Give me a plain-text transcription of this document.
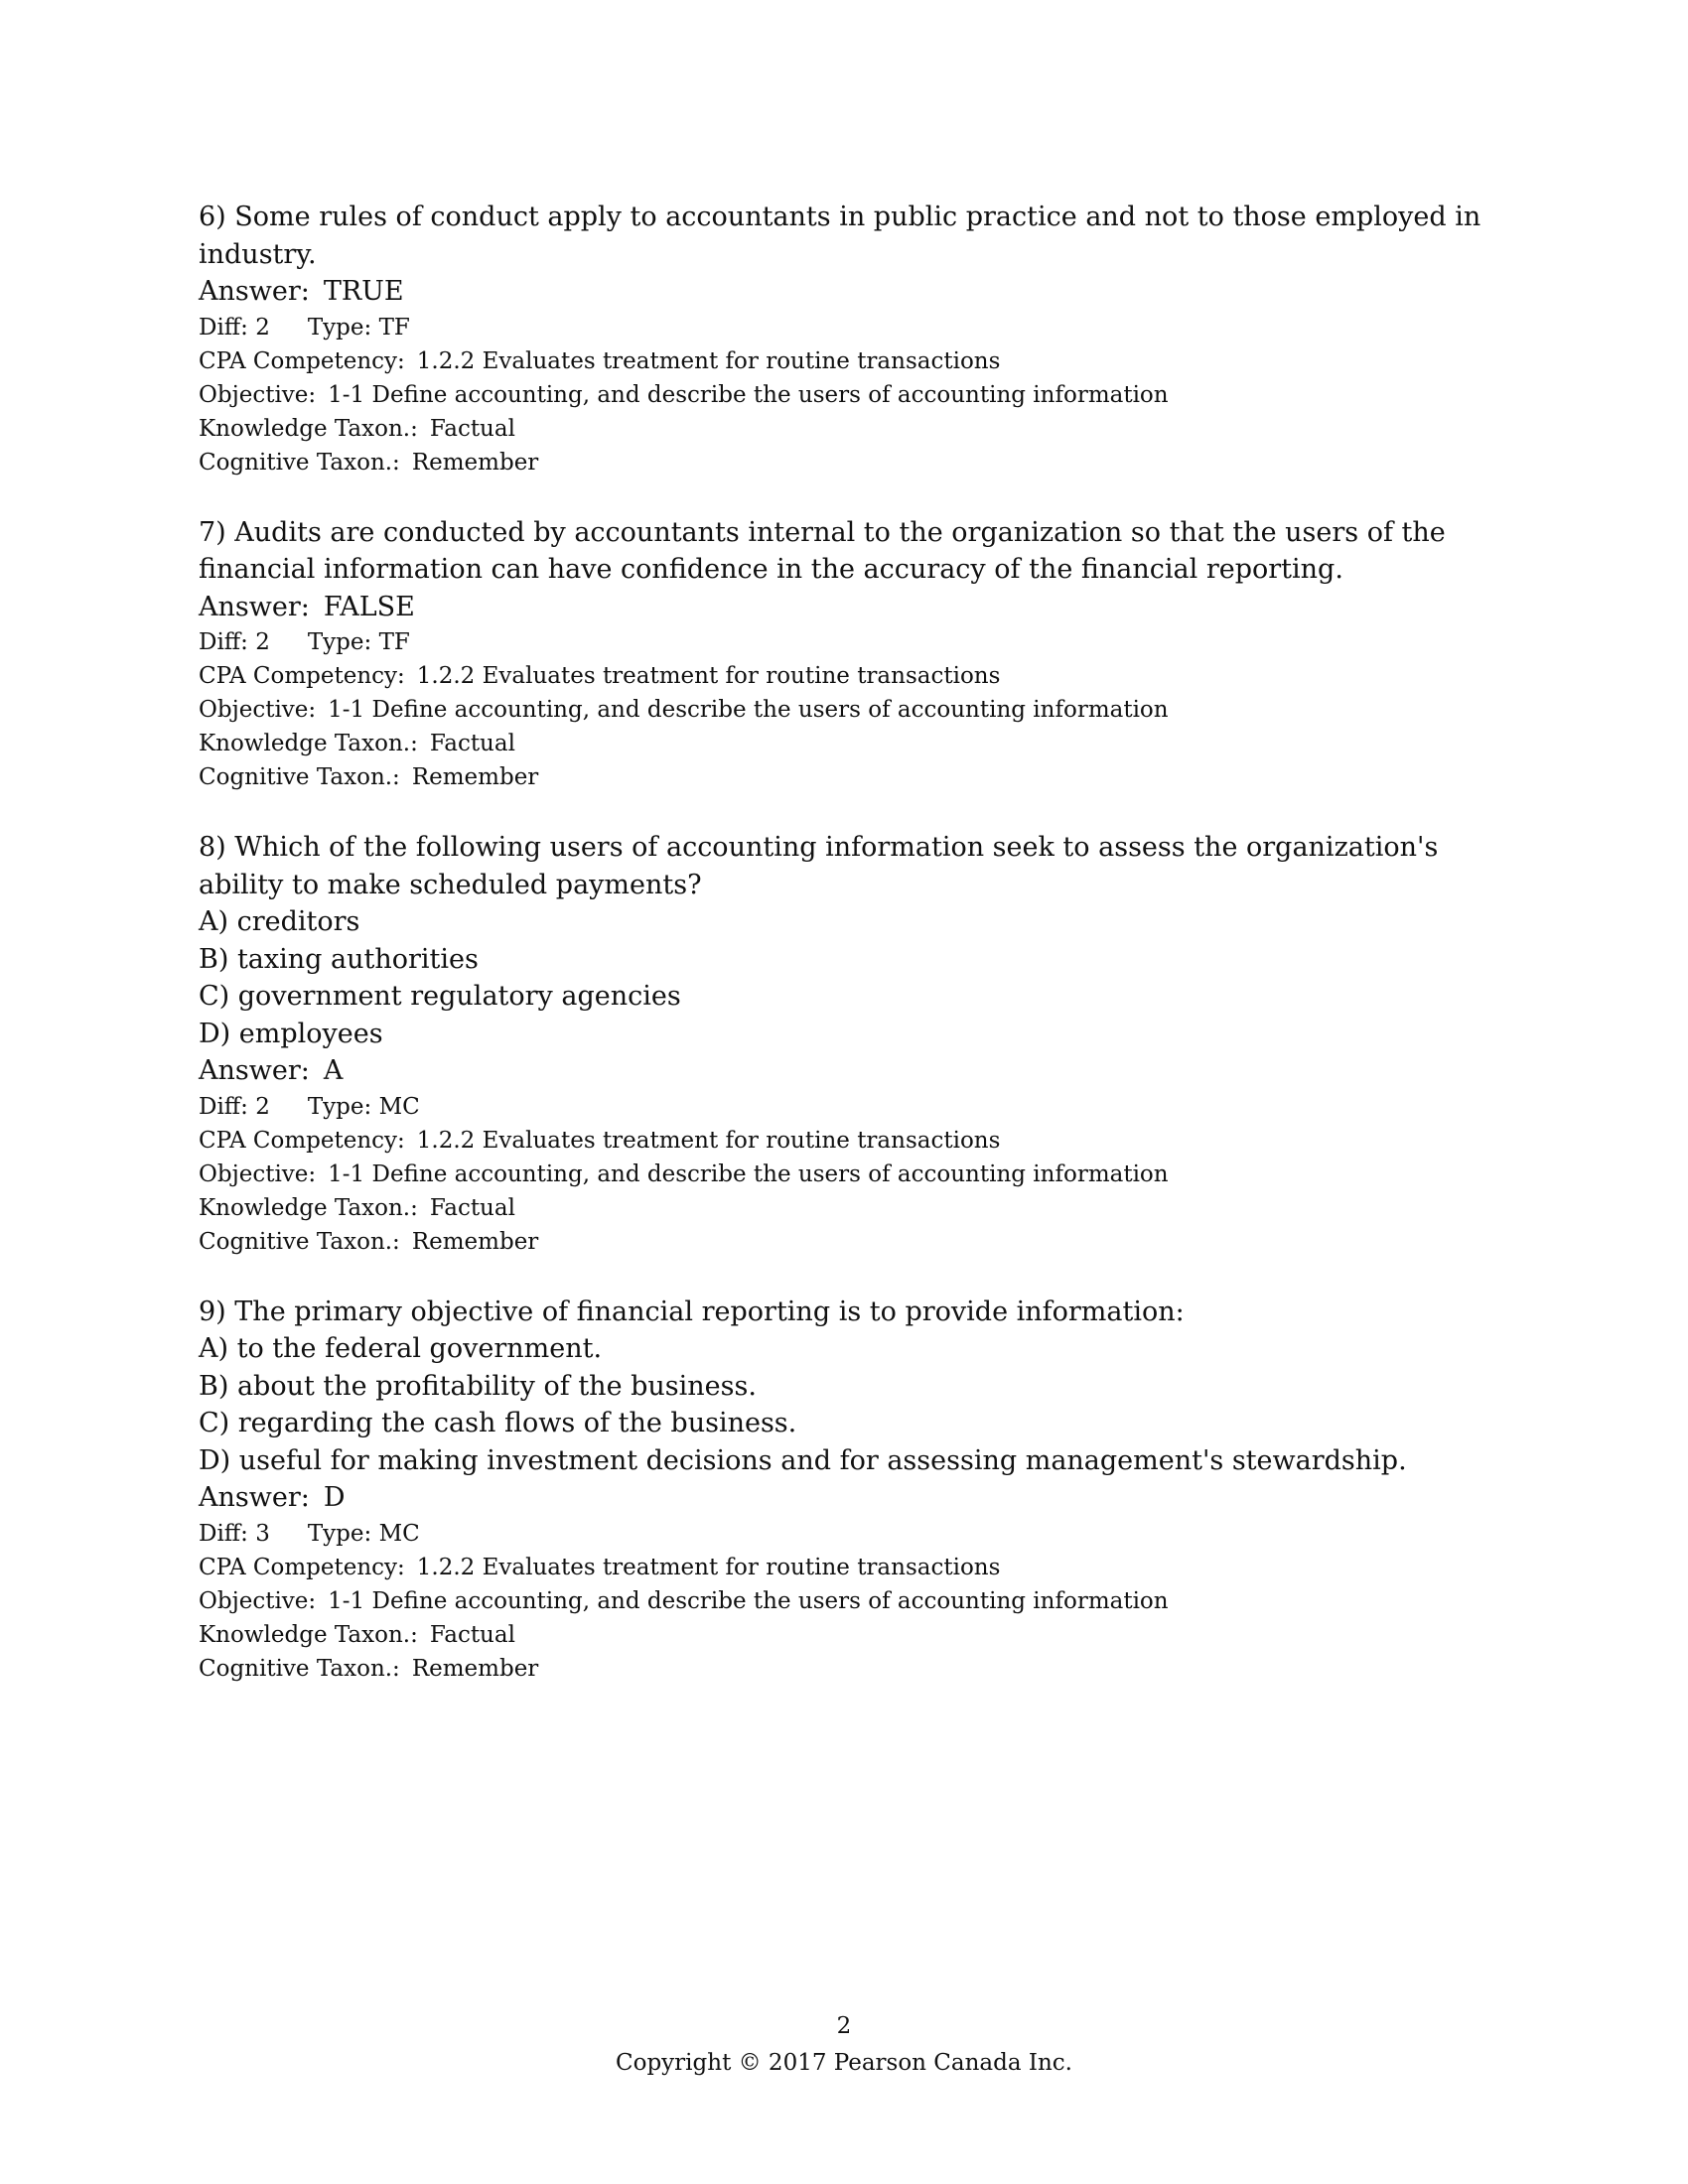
6) Some rules of conduct apply to accountants in public practice and not to those employed in industry.

Answer: TRUE

Diff: 2 Type: TF

CPA Competency: 1.2.2 Evaluates treatment for routine transactions

Objective: 1-1 Define accounting, and describe the users of accounting information

Knowledge Taxon.: Factual

Cognitive Taxon.: Remember

7) Audits are conducted by accountants internal to the organization so that the users of the financial information can have confidence in the accuracy of the financial reporting.

Answer: FALSE

Diff: 2 Type: TF

CPA Competency: 1.2.2 Evaluates treatment for routine transactions

Objective: 1-1 Define accounting, and describe the users of accounting information

Knowledge Taxon.: Factual

Cognitive Taxon.: Remember

8) Which of the following users of accounting information seek to assess the organization's ability to make scheduled payments?

A) creditors

B) taxing authorities

C) government regulatory agencies

D) employees

Answer: A

Diff: 2 Type: MC

CPA Competency: 1.2.2 Evaluates treatment for routine transactions

Objective: 1-1 Define accounting, and describe the users of accounting information

Knowledge Taxon.: Factual

Cognitive Taxon.: Remember

9) The primary objective of financial reporting is to provide information:

A) to the federal government.

B) about the profitability of the business.

C) regarding the cash flows of the business.

D) useful for making investment decisions and for assessing management's stewardship.

Answer: D

Diff: 3 Type: MC

CPA Competency: 1.2.2 Evaluates treatment for routine transactions

Objective: 1-1 Define accounting, and describe the users of accounting information

Knowledge Taxon.: Factual

Cognitive Taxon.: Remember

2
Copyright © 2017 Pearson Canada Inc.
